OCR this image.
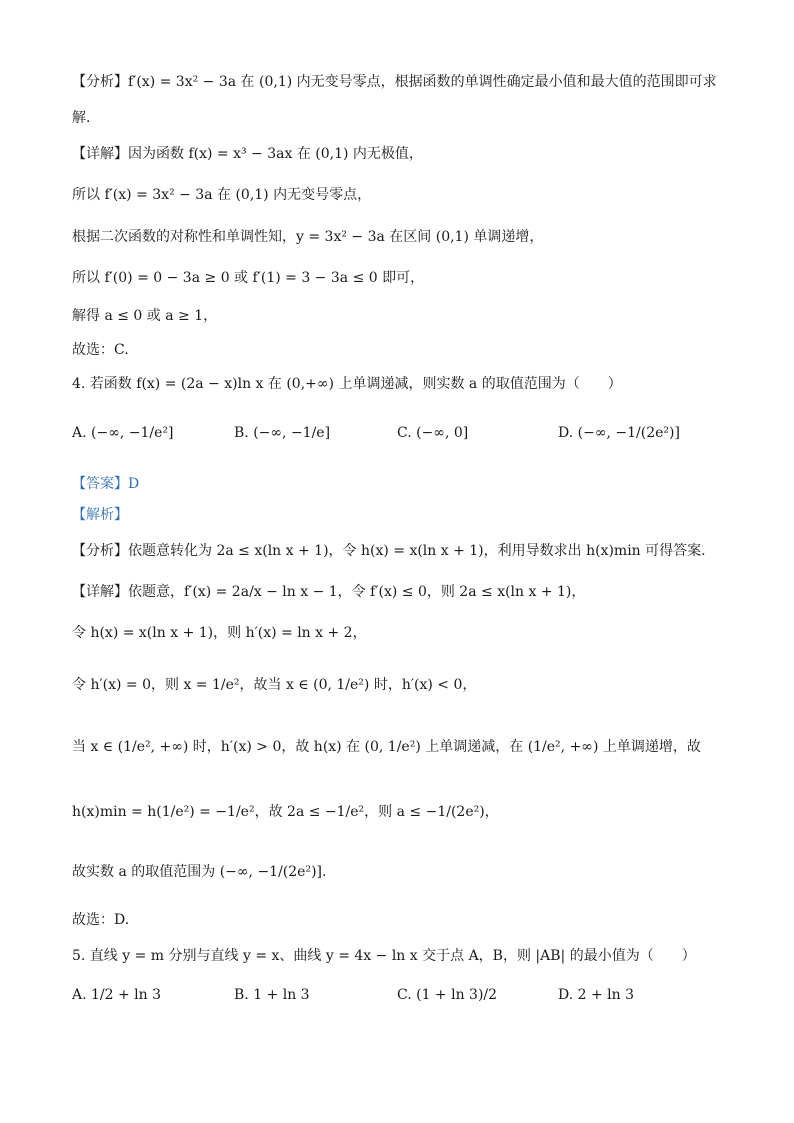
【分析】f′(x) = 3x² − 3a 在 (0,1) 内无变号零点，根据函数的单调性确定最小值和最大值的范围即可求
解.
【详解】因为函数 f(x) = x³ − 3ax 在 (0,1) 内无极值，
所以 f′(x) = 3x² − 3a 在 (0,1) 内无变号零点，
根据二次函数的对称性和单调性知，y = 3x² − 3a 在区间 (0,1) 单调递增，
所以 f′(0) = 0 − 3a ≥ 0 或 f′(1) = 3 − 3a ≤ 0 即可，
解得 a ≤ 0 或 a ≥ 1，
故选：C.
4. 若函数 f(x) = (2a − x)ln x 在 (0,+∞) 上单调递减，则实数 a 的取值范围为（　　）
A. (−∞, −1/e²]	B. (−∞, −1/e]	C. (−∞, 0]	D. (−∞, −1/(2e²)]
【答案】D
【解析】
【分析】依题意转化为 2a ≤ x(ln x + 1)，令 h(x) = x(ln x + 1)，利用导数求出 h(x)min 可得答案.
【详解】依题意，f′(x) = 2a/x − ln x − 1，令 f′(x) ≤ 0，则 2a ≤ x(ln x + 1)，
令 h(x) = x(ln x + 1)，则 h′(x) = ln x + 2，
令 h′(x) = 0，则 x = 1/e²，故当 x ∈ (0, 1/e²) 时，h′(x) < 0，
当 x ∈ (1/e², +∞) 时，h′(x) > 0，故 h(x) 在 (0, 1/e²) 上单调递减，在 (1/e², +∞) 上单调递增，故
h(x)min = h(1/e²) = −1/e²，故 2a ≤ −1/e²，则 a ≤ −1/(2e²)，
故实数 a 的取值范围为 (−∞, −1/(2e²)].
故选：D.
5. 直线 y = m 分别与直线 y = x、曲线 y = 4x − ln x 交于点 A，B，则 |AB| 的最小值为（　　）
A. 1/2 + ln 3	B. 1 + ln 3	C. (1 + ln 3)/2	D. 2 + ln 3
